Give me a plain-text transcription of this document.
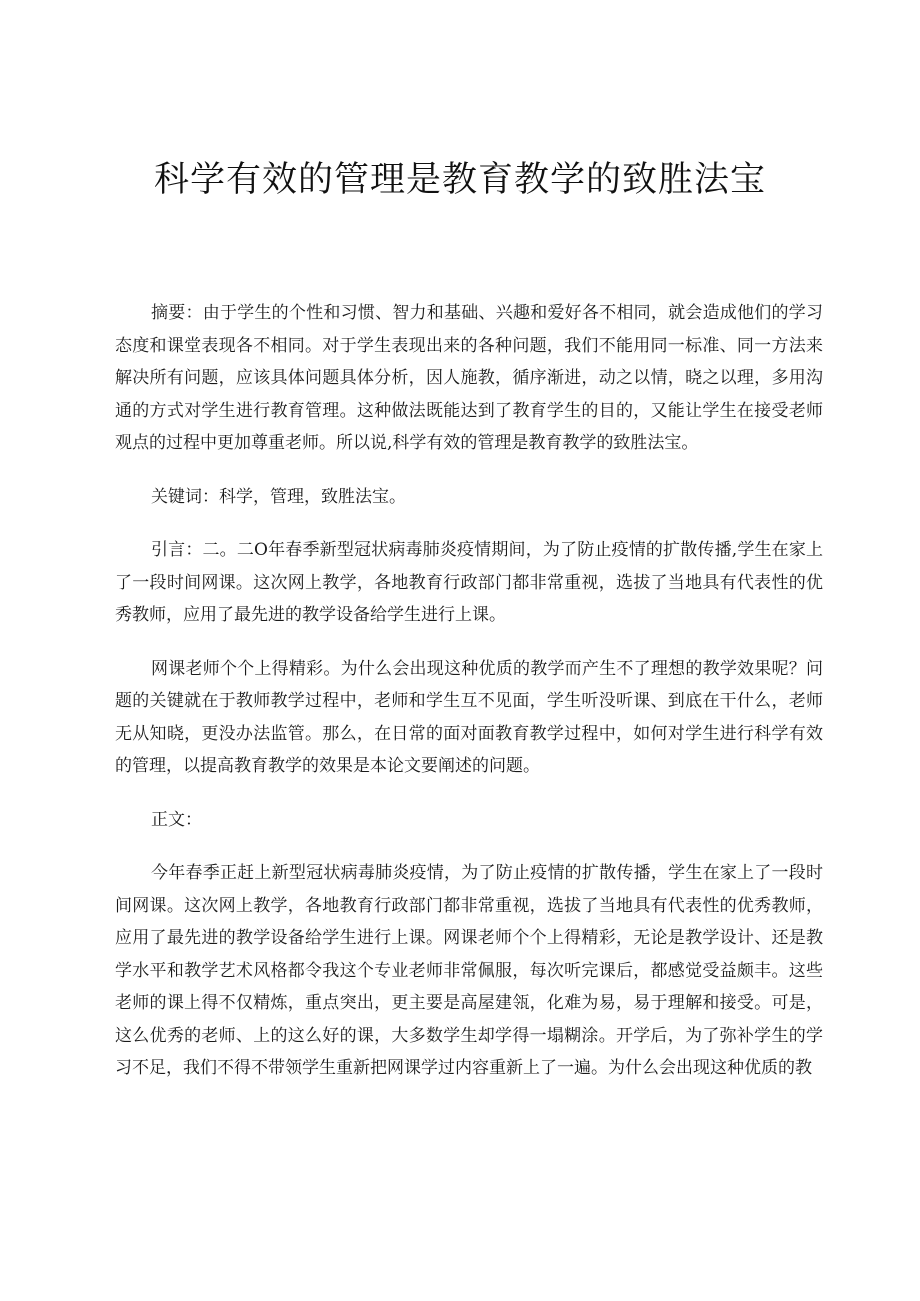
科学有效的管理是教育教学的致胜法宝

摘要：由于学生的个性和习惯、智力和基础、兴趣和爱好各不相同，就会造成他们的学习态度和课堂表现各不相同。对于学生表现出来的各种问题，我们不能用同一标准、同一方法来解决所有问题，应该具体问题具体分析，因人施教，循序渐进，动之以情，晓之以理，多用沟通的方式对学生进行教育管理。这种做法既能达到了教育学生的目的，又能让学生在接受老师观点的过程中更加尊重老师。所以说,科学有效的管理是教育教学的致胜法宝。

关键词：科学，管理，致胜法宝。

引言：二。二O年春季新型冠状病毒肺炎疫情期间，为了防止疫情的扩散传播,学生在家上了一段时间网课。这次网上教学，各地教育行政部门都非常重视，选拔了当地具有代表性的优秀教师，应用了最先进的教学设备给学生进行上课。

网课老师个个上得精彩。为什么会出现这种优质的教学而产生不了理想的教学效果呢？问题的关键就在于教师教学过程中，老师和学生互不见面，学生听没听课、到底在干什么，老师无从知晓，更没办法监管。那么，在日常的面对面教育教学过程中，如何对学生进行科学有效的管理，以提高教育教学的效果是本论文要阐述的问题。

正文：

今年春季正赶上新型冠状病毒肺炎疫情，为了防止疫情的扩散传播，学生在家上了一段时间网课。这次网上教学，各地教育行政部门都非常重视，选拔了当地具有代表性的优秀教师，应用了最先进的教学设备给学生进行上课。网课老师个个上得精彩，无论是教学设计、还是教学水平和教学艺术风格都令我这个专业老师非常佩服，每次听完课后，都感觉受益颇丰。这些老师的课上得不仅精炼，重点突出，更主要是高屋建瓴，化难为易，易于理解和接受。可是，这么优秀的老师、上的这么好的课，大多数学生却学得一塌糊涂。开学后，为了弥补学生的学习不足，我们不得不带领学生重新把网课学过内容重新上了一遍。为什么会出现这种优质的教
